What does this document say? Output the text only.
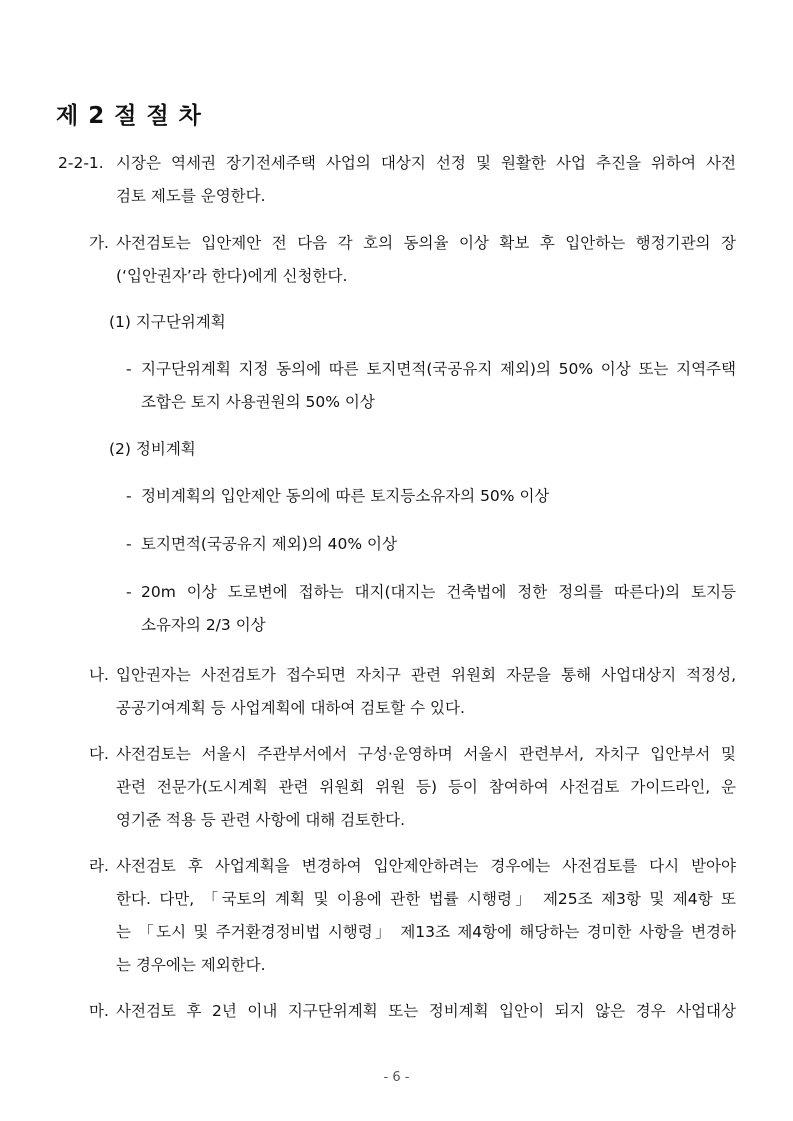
제 2 절 절 차
2-2-1. 시장은 역세권 장기전세주택 사업의 대상지 선정 및 원활한 사업 추진을 위하여 사전
검토 제도를 운영한다.
가. 사전검토는 입안제안 전 다음 각 호의 동의율 이상 확보 후 입안하는 행정기관의 장
(‘입안권자’라 한다)에게 신청한다.
(1) 지구단위계획
- 지구단위계획 지정 동의에 따른 토지면적(국공유지 제외)의 50% 이상 또는 지역주택
조합은 토지 사용권원의 50% 이상
(2) 정비계획
- 정비계획의 입안제안 동의에 따른 토지등소유자의 50% 이상
- 토지면적(국공유지 제외)의 40% 이상
- 20m 이상 도로변에 접하는 대지(대지는 건축법에 정한 정의를 따른다)의 토지등
소유자의 2/3 이상
나. 입안권자는 사전검토가 접수되면 자치구 관련 위원회 자문을 통해 사업대상지 적정성,
공공기여계획 등 사업계획에 대하여 검토할 수 있다.
다. 사전검토는 서울시 주관부서에서 구성·운영하며 서울시 관련부서, 자치구 입안부서 및
관련 전문가(도시계획 관련 위원회 위원 등) 등이 참여하여 사전검토 가이드라인, 운
영기준 적용 등 관련 사항에 대해 검토한다.
라. 사전검토 후 사업계획을 변경하여 입안제안하려는 경우에는 사전검토를 다시 받아야
한다. 다만, 「국토의 계획 및 이용에 관한 법률 시행령」 제25조 제3항 및 제4항 또
는 「도시 및 주거환경정비법 시행령」 제13조 제4항에 해당하는 경미한 사항을 변경하
는 경우에는 제외한다.
마. 사전검토 후 2년 이내 지구단위계획 또는 정비계획 입안이 되지 않은 경우 사업대상
- 6 -
